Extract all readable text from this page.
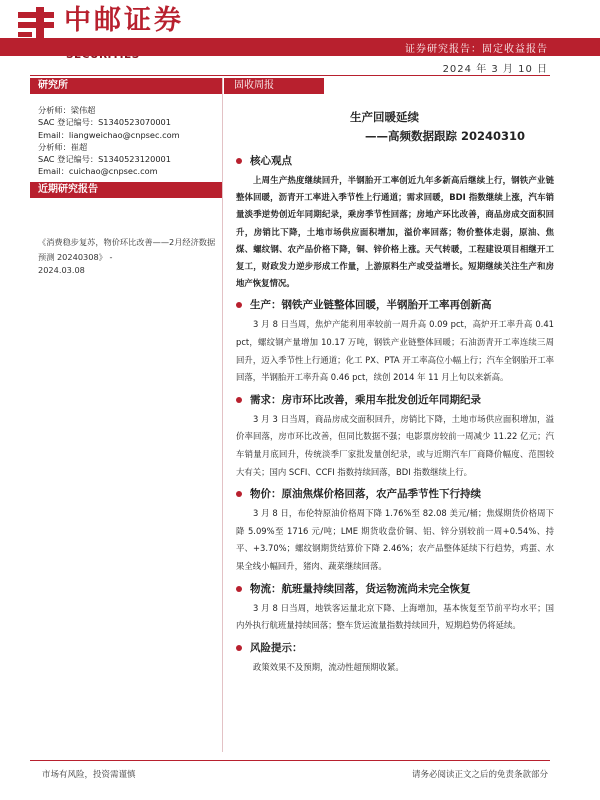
中邮证券
证券研究报告：固定收益报告
2024 年 3 月 10 日
研究所
分析师：梁伟超
SAC 登记编号：S1340523070001
Email：liangweichao@cnpsec.com
分析师：崔超
SAC 登记编号：S1340523120001
Email：cuichao@cnpsec.com
近期研究报告
《消费稳步复苏，物价环比改善——2月经济数据预测 20240308》 -
2024.03.08
固收周报
生产回暖延续
——高频数据跟踪 20240310
核心观点

上周生产热度继续回升，半钢胎开工率创近九年多新高后继续上行，钢铁产业链整体回暖，沥青开工率进入季节性上行通道；需求回暖，BDI 指数继续上涨，汽车销量淡季逆势创近年同期纪录，乘房季节性回落；房地产环比改善，商品房成交面积回升，房销比下降，土地市场供应面积增加，溢价率回落；物价整体走弱，原油、焦煤、螺纹钢、农产品价格下降，铜、锌价格上涨。天气转暖，工程建设项目相继开工复工，财政发力逆步形成工作量，上游原料生产或受益增长。短期继续关注生产和房地产恢复情况。

生产：钢铁产业链整体回暖，半钢胎开工率再创新高

3 月 8 日当周，焦炉产能利用率较前一周升高 0.09 pct，高炉开工率升高 0.41 pct，螺纹钢产量增加 10.17 万吨，钢铁产业链整体回暖；石油沥青开工率连续三周回升，迈入季节性上行通道；化工 PX、PTA 开工率高位小幅上行；汽车全钢胎开工率回落，半钢胎开工率升高 0.46 pct，续创 2014 年 11 月上旬以来新高。

需求：房市环比改善，乘用车批发创近年同期纪录

3 月 3 日当周，商品房成交面积回升，房销比下降，土地市场供应面积增加，溢价率回落，房市环比改善，但同比数据不强；电影票房较前一周减少 11.22 亿元；汽车销量月底回升，传统淡季厂家批发量创纪录，或与近期汽车厂商降价幅度、范围较大有关；国内 SCFI、CCFI 指数持续回落，BDI 指数继续上行。

物价：原油焦煤价格回落，农产品季节性下行持续

3 月 8 日，布伦特原油价格周下降 1.76%至 82.08 美元/桶；焦煤期货价格周下降 5.09%至 1716 元/吨；LME 期货收盘价铜、铝、锌分别较前一周+0.54%、持平、+3.70%；螺纹钢期货结算价下降 2.46%；农产品整体延续下行趋势，鸡蛋、水果全线小幅回升，猪肉、蔬菜继续回落。

物流：航班量持续回落，货运物流尚未完全恢复

3 月 8 日当周，地铁客运量北京下降、上海增加，基本恢复至节前平均水平；国内外执行航班量持续回落；整车货运流量指数持续回升，短期趋势仍将延续。

风险提示：

政策效果不及预期，流动性超预期收紧。

市场有风险，投资需谨慎	请务必阅读正文之后的免责条款部分
